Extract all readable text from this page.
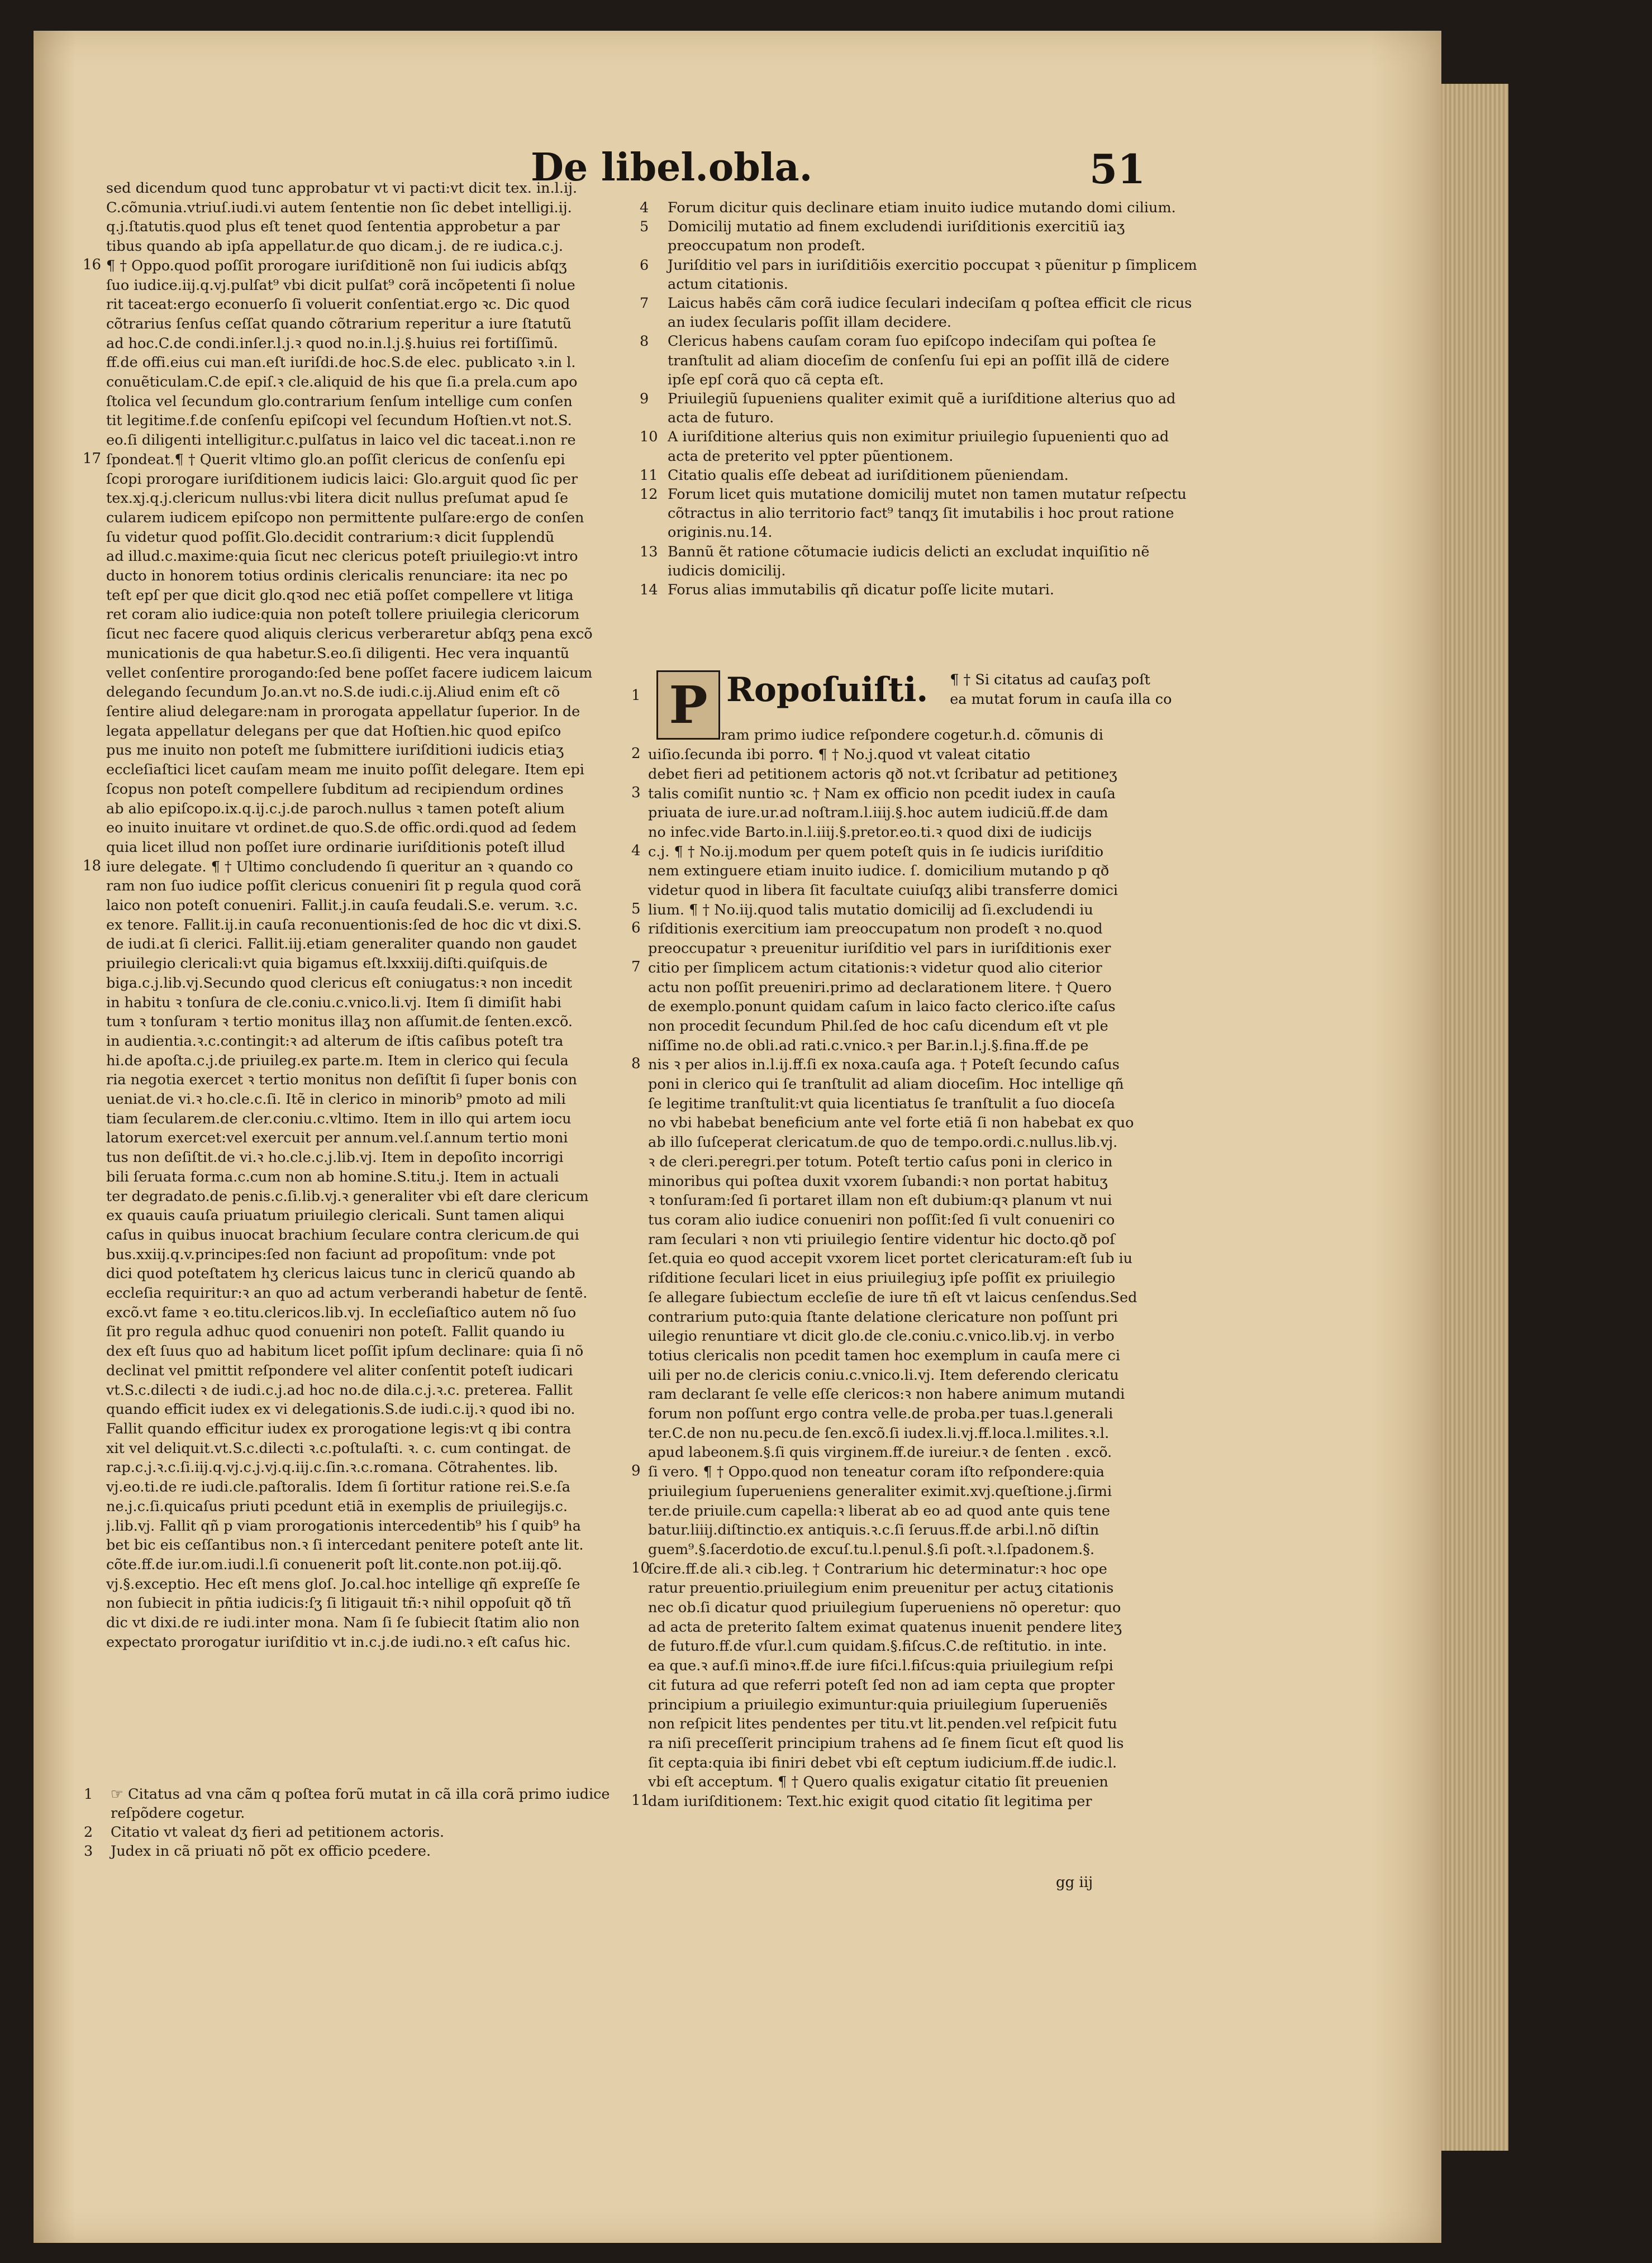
De libel.obla.	51

sed dicendum quod tunc approbatur vt vi pacti:vt dicit tex. in.l.ij.

C.cõmunia.vtriuſ.iudi.vi autem ſententie non ſic debet intelligi.ij.

q.j.ſtatutis.quod plus eſt tenet quod ſententia approbetur a par

tibus quando ab ipſa appellatur.de quo dicam.j. de re iudica.c.j.

¶ † Oppo.quod poſſit prorogare iuriſditionẽ non ſui iudicis abſqʒ

ſuo iudice.iij.q.vj.pulſat⁹ vbi dicit pulſat⁹ corã incõpetenti ſi nolue

rit taceat:ergo econuerſo ſi voluerit conſentiat.ergo ꝛc. Dic quod

cõtrarius ſenſus ceſſat quando cõtrarium reperitur a iure ſtatutũ

ad hoc.C.de condi.inſer.l.j.ꝛ quod no.in.l.j.§.huius rei fortiſſimũ.

ff.de offi.eius cui man.eſt iuriſdi.de hoc.S.de elec. publicato ꝛ.in l.

conuẽticulam.C.de epiſ.ꝛ cle.aliquid de his que ſi.a prela.cum apo

ſtolica vel ſecundum glo.contrarium ſenſum intellige cum conſen

tit legitime.f.de conſenſu epiſcopi vel ſecundum Hoſtien.vt not.S.

eo.ſi diligenti intelligitur.c.pulſatus in laico vel dic taceat.i.non re

ſpondeat.¶ † Querit vltimo glo.an poſſit clericus de conſenſu epi

ſcopi prorogare iuriſditionem iudicis laici: Glo.arguit quod ſic per

tex.xj.q.j.clericum nullus:vbi litera dicit nullus preſumat apud ſe

cularem iudicem epiſcopo non permittente pulſare:ergo de conſen

ſu videtur quod poſſit.Glo.decidit contrarium:ꝛ dicit ſupplendũ

ad illud.c.maxime:quia ſicut nec clericus poteſt priuilegio:vt intro

ducto in honorem totius ordinis clericalis renunciare: ita nec po

teſt epſ per que dicit glo.qꝛod nec etiã poſſet compellere vt litiga

ret coram alio iudice:quia non poteſt tollere priuilegia clericorum

ſicut nec facere quod aliquis clericus verberaretur abſqʒ pena excõ

municationis de qua habetur.S.eo.ſi diligenti. Hec vera inquantũ

vellet conſentire prorogando:ſed bene poſſet facere iudicem laicum

delegando ſecundum Jo.an.vt no.S.de iudi.c.ij.Aliud enim eſt cõ

ſentire aliud delegare:nam in prorogata appellatur ſuperior. In de

legata appellatur delegans per que dat Hoſtien.hic quod epiſco

pus me inuito non poteſt me ſubmittere iuriſditioni iudicis etiaʒ

eccleſiaſtici licet cauſam meam me inuito poſſit delegare. Item epi

ſcopus non poteſt compellere ſubditum ad recipiendum ordines

ab alio epiſcopo.ix.q.ij.c.j.de paroch.nullus ꝛ tamen poteſt alium

eo inuito inuitare vt ordinet.de quo.S.de offic.ordi.quod ad ſedem

quia licet illud non poſſet iure ordinarie iuriſditionis poteſt illud

iure delegate. ¶ † Ultimo concludendo ſi queritur an ꝛ quando co

ram non ſuo iudice poſſit clericus conueniri ſit p regula quod corã

laico non poteſt conueniri. Fallit.j.in cauſa feudali.S.e. verum. ꝛ.c.

ex tenore. Fallit.ij.in cauſa reconuentionis:ſed de hoc dic vt dixi.S.

de iudi.at ſi clerici. Fallit.iij.etiam generaliter quando non gaudet

priuilegio clericali:vt quia bigamus eſt.lxxxiij.diſti.quiſquis.de

biga.c.j.lib.vj.Secundo quod clericus eſt coniugatus:ꝛ non incedit

in habitu ꝛ tonſura de cle.coniu.c.vnico.li.vj. Item ſi dimiſit habi

tum ꝛ tonſuram ꝛ tertio monitus illaʒ non aſſumit.de ſenten.excõ.

in audientia.ꝛ.c.contingit:ꝛ ad alterum de iſtis caſibus poteſt tra

hi.de apoſta.c.j.de priuileg.ex parte.m. Item in clerico qui ſecula

ria negotia exercet ꝛ tertio monitus non deſiſtit ſi ſuper bonis con

ueniat.de vi.ꝛ ho.cle.c.ſi. Itẽ in clerico in minorib⁹ pmoto ad mili

tiam ſecularem.de cler.coniu.c.vltimo. Item in illo qui artem iocu

latorum exercet:vel exercuit per annum.vel.ſ.annum tertio moni

tus non deſiſtit.de vi.ꝛ ho.cle.c.j.lib.vj. Item in depoſito incorrigi

bili ſeruata forma.c.cum non ab homine.S.titu.j. Item in actuali

ter degradato.de penis.c.ſi.lib.vj.ꝛ generaliter vbi eſt dare clericum

ex quauis cauſa priuatum priuilegio clericali. Sunt tamen aliqui

caſus in quibus inuocat brachium ſeculare contra clericum.de qui

bus.xxiij.q.v.principes:ſed non faciunt ad propoſitum: vnde pot

dici quod poteſtatem hʒ clericus laicus tunc in clericũ quando ab

eccleſia requiritur:ꝛ an quo ad actum verberandi habetur de ſentẽ.

excõ.vt fame ꝛ eo.titu.clericos.lib.vj. In eccleſiaſtico autem nõ ſuo

ſit pro regula adhuc quod conueniri non poteſt. Fallit quando iu

dex eſt ſuus quo ad habitum licet poſſit ipſum declinare: quia ſi nõ

declinat vel pmittit reſpondere vel aliter conſentit poteſt iudicari

vt.S.c.dilecti ꝛ de iudi.c.j.ad hoc no.de dila.c.j.ꝛ.c. preterea. Fallit

quando efficit iudex ex vi delegationis.S.de iudi.c.ij.ꝛ quod ibi no.

Fallit quando efficitur iudex ex prorogatione legis:vt q ibi contra

xit vel deliquit.vt.S.c.dilecti ꝛ.c.poſtulaſti. ꝛ. c. cum contingat. de

rap.c.j.ꝛ.c.ſi.iij.q.vj.c.j.vj.q.iij.c.ſin.ꝛ.c.romana. Cõtrahentes. lib.

vj.eo.ti.de re iudi.cle.paſtoralis. Idem ſi ſortitur ratione rei.S.e.ſa

ne.j.c.ſi.quicaſus priuti pcedunt etiã in exemplis de priuilegijs.c.

j.lib.vj. Fallit qñ p viam prorogationis intercedentib⁹ his ſ quib⁹ ha

bet bic eis ceſſantibus non.ꝛ ſi intercedant penitere poteſt ante lit.

cõte.ff.de iur.om.iudi.l.ſi conuenerit poſt lit.conte.non pot.iij.qõ.

vj.§.exceptio. Hec eſt mens gloſ. Jo.cal.hoc intellige qñ expreſſe ſe

non ſubiecit in pñtia iudicis:ſʒ ſi litigauit tñ:ꝛ nihil oppoſuit qð tñ

dic vt dixi.de re iudi.inter mona. Nam ſi ſe ſubiecit ſtatim alio non

expectato prorogatur iuriſditio vt in.c.j.de iudi.no.ꝛ eſt caſus hic.

16
17
18
1	☞ Citatus ad vna cãm q poſtea forũ mutat in cã illa corã primo iudice reſpõdere cogetur.
2	Citatio vt valeat dʒ fieri ad petitionem actoris.
3	Judex in cã priuati nõ põt ex officio pcedere.
4	Forum dicitur quis declinare etiam inuito iudice mutando domi cilium.
5	Domicilij mutatio ad finem excludendi iuriſditionis exercitiũ iaʒ preoccupatum non prodeſt.
6	Juriſditio vel pars in iuriſditiõis exercitio poccupat ꝛ pũenitur p ſimplicem actum citationis.
7	Laicus habẽs cãm corã iudice ſeculari indeciſam q poſtea efficit cle ricus an iudex ſecularis poſſit illam decidere.
8	Clericus habens cauſam coram ſuo epiſcopo indeciſam qui poſtea ſe tranſtulit ad aliam dioceſim de conſenſu ſui epi an poſſit illã de cidere ipſe epſ corã quo cã cepta eſt.
9	Priuilegiũ ſupueniens qualiter eximit quẽ a iuriſditione alterius quo ad acta de futuro.
10 A iuriſditione alterius quis non eximitur priuilegio ſupuenienti quo ad acta de preterito vel ppter pũentionem.
11 Citatio qualis eſſe debeat ad iuriſditionem pũeniendam.
12 Forum licet quis mutatione domicilij mutet non tamen mutatur reſpectu cõtractus in alio territorio fact⁹ tanqʒ ſit imutabilis i hoc prout ratione originis.nu.14.
13 Bannũ ẽt ratione cõtumacie iudicis delicti an excludat inquiſitio nẽ iudicis domicilij.
14 Forus alias immutabilis qñ dicatur poſſe licite mutari.
P Ropoſuiſti. ¶ † Si citatus ad cauſaʒ poſt
ea mutat forum in cauſa illa co

ram primo iudice reſpondere cogetur.h.d. cõmunis di

uiſio.ſecunda ibi porro. ¶ † No.j.quod vt valeat citatio

debet fieri ad petitionem actoris qð not.vt ſcribatur ad petitioneʒ

talis comiſit nuntio ꝛc. † Nam ex officio non pcedit iudex in cauſa

priuata de iure.ur.ad noſtram.l.iiij.§.hoc autem iudiciũ.ff.de dam

no infec.vide Barto.in.l.iiij.§.pretor.eo.ti.ꝛ quod dixi de iudicijs

c.j. ¶ † No.ij.modum per quem poteſt quis in ſe iudicis iuriſditio

nem extinguere etiam inuito iudice. ſ. domicilium mutando p qð

videtur quod in libera ſit facultate cuiuſqʒ alibi transferre domici

lium. ¶ † No.iij.quod talis mutatio domicilij ad ſi.excludendi iu

riſditionis exercitium iam preoccupatum non prodeſt ꝛ no.quod

preoccupatur ꝛ preuenitur iuriſditio vel pars in iuriſditionis exer

citio per ſimplicem actum citationis:ꝛ videtur quod alio citerior

actu non poſſit preueniri.primo ad declarationem litere. † Quero

de exemplo.ponunt quidam caſum in laico facto clerico.iſte caſus

non procedit ſecundum Phil.ſed de hoc caſu dicendum eſt vt ple

niſſime no.de obli.ad rati.c.vnico.ꝛ per Bar.in.l.j.§.fina.ff.de pe

nis ꝛ per alios in.l.ij.ff.ſi ex noxa.cauſa aga. † Poteſt ſecundo caſus

poni in clerico qui ſe tranſtulit ad aliam dioceſim. Hoc intellige qñ

ſe legitime tranſtulit:vt quia licentiatus ſe tranſtulit a ſuo dioceſa

no vbi habebat beneficium ante vel forte etiã ſi non habebat ex quo

ab illo ſuſceperat clericatum.de quo de tempo.ordi.c.nullus.lib.vj.

ꝛ de cleri.peregri.per totum. Poteſt tertio caſus poni in clerico in

minoribus qui poſtea duxit vxorem ſubandi:ꝛ non portat habituʒ

ꝛ tonſuram:ſed ſi portaret illam non eſt dubium:qꝛ planum vt nui

tus coram alio iudice conueniri non poſſit:ſed ſi vult conueniri co

ram ſeculari ꝛ non vti priuilegio ſentire videntur hic docto.qð poſ

ſet.quia eo quod accepit vxorem licet portet clericaturam:eſt ſub iu

riſditione ſeculari licet in eius priuilegiuʒ ipſe poſſit ex priuilegio

ſe allegare ſubiectum eccleſie de iure tñ eſt vt laicus cenſendus.Sed

contrarium puto:quia ſtante delatione clericature non poſſunt pri

uilegio renuntiare vt dicit glo.de cle.coniu.c.vnico.lib.vj. in verbo

totius clericalis non pcedit tamen hoc exemplum in cauſa mere ci

uili per no.de clericis coniu.c.vnico.li.vj. Item deferendo clericatu

ram declarant ſe velle eſſe clericos:ꝛ non habere animum mutandi

forum non poſſunt ergo contra velle.de proba.per tuas.l.generali

ter.C.de non nu.pecu.de ſen.excõ.ſi iudex.li.vj.ff.loca.l.milites.ꝛ.l.

apud labeonem.§.ſi quis virginem.ff.de iureiur.ꝛ de ſenten . excõ.

ſi vero. ¶ † Oppo.quod non teneatur coram iſto reſpondere:quia

priuilegium ſuperueniens generaliter eximit.xvj.queſtione.j.ſirmi

ter.de priuile.cum capella:ꝛ liberat ab eo ad quod ante quis tene

batur.liiij.diſtinctio.ex antiquis.ꝛ.c.ſi ſeruus.ff.de arbi.l.nõ diſtin

guem⁹.§.ſacerdotio.de excuſ.tu.l.penul.§.ſi poſt.ꝛ.l.ſpadonem.§.

ſcire.ff.de ali.ꝛ cib.leg. † Contrarium hic determinatur:ꝛ hoc ope

ratur preuentio.priuilegium enim preuenitur per actuʒ citationis

nec ob.ſi dicatur quod priuilegium ſuperueniens nõ operetur: quo

ad acta de preterito ſaltem eximat quatenus inuenit pendere liteʒ

de futuro.ff.de vſur.l.cum quidam.§.fiſcus.C.de reſtitutio. in inte.

ea que.ꝛ auf.ſi minoꝛ.ff.de iure fiſci.l.fiſcus:quia priuilegium reſpi

cit futura ad que referri poteſt ſed non ad iam cepta que propter

principium a priuilegio eximuntur:quia priuilegium ſuperueniẽs

non reſpicit lites pendentes per titu.vt lit.penden.vel reſpicit futu

ra niſi preceſſerit principium trahens ad ſe finem ſicut eſt quod lis

ſit cepta:quia ibi finiri debet vbi eſt ceptum iudicium.ff.de iudic.l.

vbi eſt acceptum. ¶ † Quero qualis exigatur citatio ſit preuenien

dam iuriſditionem: Text.hic exigit quod citatio ſit legitima per

1
2
3
4
5
6
7
8
9
10
11
gg iij
